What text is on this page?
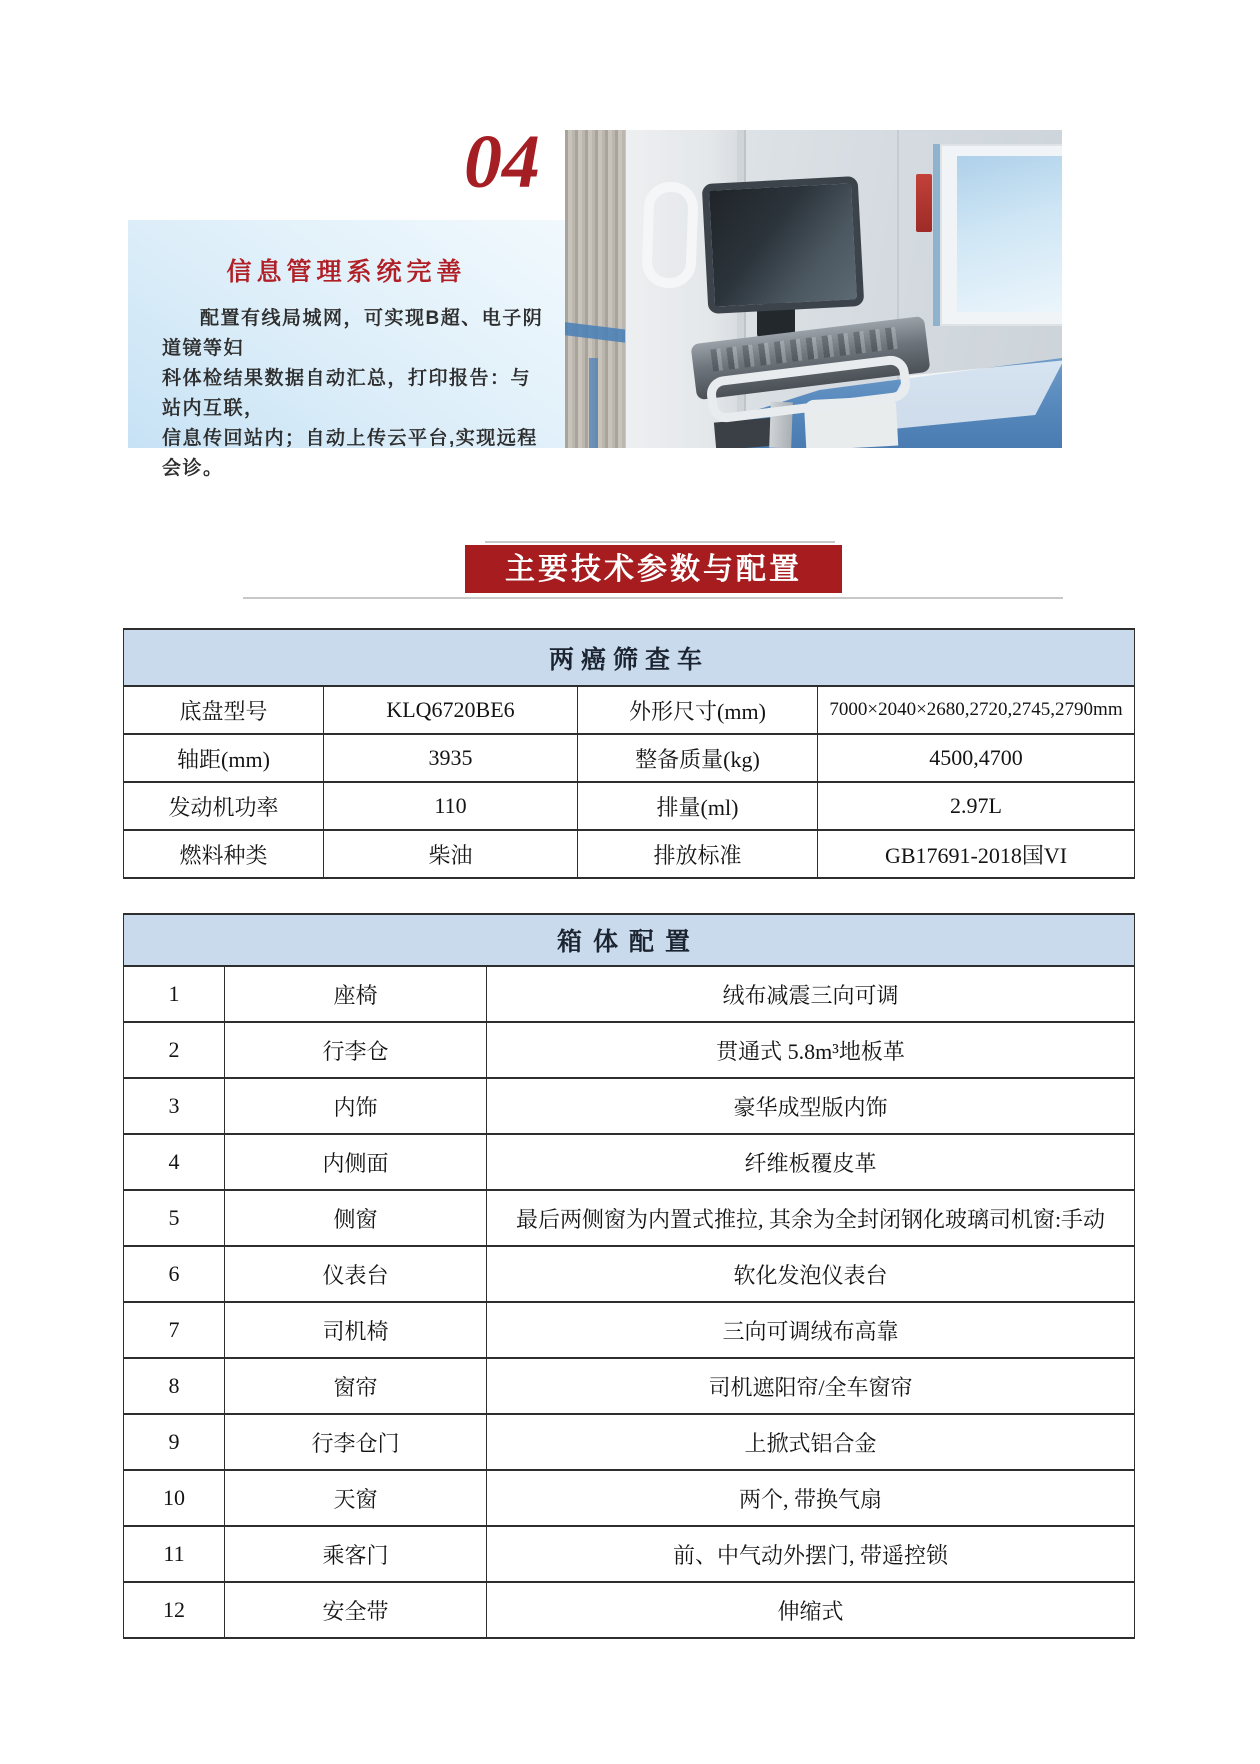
04
信息管理系统完善
配置有线局城网，可实现B超、电子阴道镜等妇
科体检结果数据自动汇总，打印报告：与站内互联，
信息传回站内；自动上传云平台,实现远程会诊。
主要技术参数与配置
两癌筛查车			
底盘型号	KLQ6720BE6	外形尺寸(mm)	7000×2040×2680,2720,2745,2790mm
轴距(mm)	3935	整备质量(kg)	4500,4700
发动机功率	110	排量(ml)	2.97L
燃料种类	柴油	排放标准	GB17691-2018国VI
箱体配置		
1	座椅	绒布减震三向可调
2	行李仓	贯通式 5.8m³地板革
3	内饰	豪华成型版内饰
4	内侧面	纤维板覆皮革
5	侧窗	最后两侧窗为内置式推拉, 其余为全封闭钢化玻璃司机窗:手动
6	仪表台	软化发泡仪表台
7	司机椅	三向可调绒布高靠
8	窗帘	司机遮阳帘/全车窗帘
9	行李仓门	上掀式铝合金
10	天窗	两个, 带换气扇
11	乘客门	前、中气动外摆门, 带遥控锁
12	安全带	伸缩式
